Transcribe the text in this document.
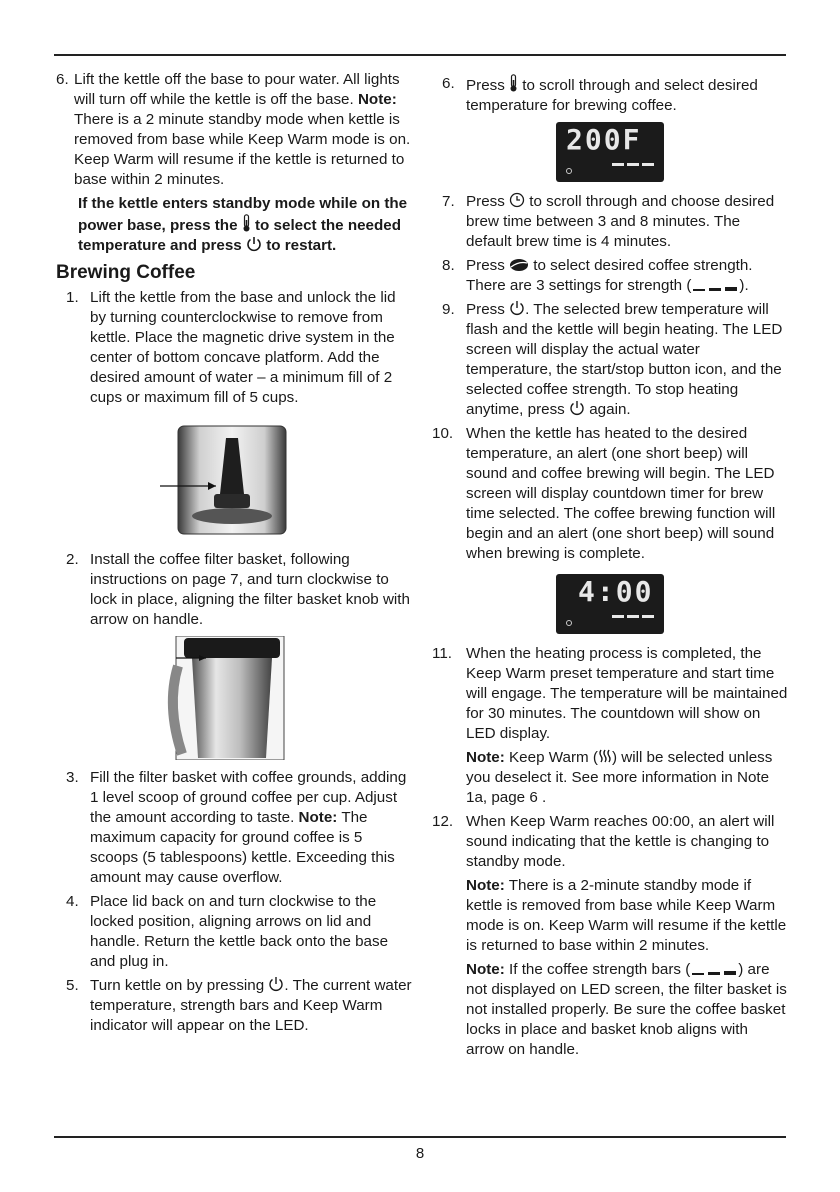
6. Lift the kettle off the base to pour water. All lights will turn off while the kettle is off the base. Note: There is a 2 minute standby mode when kettle is removed from base while Keep Warm mode is on. Keep Warm will resume if the kettle is returned to base within 2 minutes.

If the kettle enters standby mode while on the power base, press the to select the needed temperature and press to restart.

Brewing Coffee
1. Lift the kettle from the base and unlock the lid by turning counterclockwise to remove from kettle. Place the magnetic drive system in the center of bottom concave platform. Add the desired amount of water – a minimum fill of 2 cups or maximum fill of 5 cups.

2. Install the coffee filter basket, following instructions on page 7, and turn clockwise to lock in place, aligning the filter basket knob with arrow on handle.

3. Fill the filter basket with coffee grounds, adding 1 level scoop of ground coffee per cup. Adjust the amount according to taste. Note: The maximum capacity for ground coffee is 5 scoops (5 tablespoons) kettle. Exceeding this amount may cause overflow.

4. Place lid back on and turn clockwise to the locked position, aligning arrows on lid and handle. Return the kettle back onto the base and plug in.

5. Turn kettle on by pressing . The current water temperature, strength bars and Keep Warm indicator will appear on the LED.

6. Press to scroll through and select desired temperature for brewing coffee.

200F
7. Press to scroll through and choose desired brew time between 3 and 8 minutes. The default brew time is 4 minutes.

8. Press to select desired coffee strength. There are 3 settings for strength (	).

9. Press . The selected brew temperature will flash and the kettle will begin heating. The LED screen will display the actual water temperature, the start/stop button icon, and the selected coffee strength. To stop heating anytime, press again.

10. When the kettle has heated to the desired temperature, an alert (one short beep) will sound and coffee brewing will begin. The LED screen will display countdown timer for brew time selected. The coffee brewing function will begin and an alert (one short beep) will sound when brewing is complete.

4:00
11. When the heating process is completed, the Keep Warm preset temperature and start time will engage. The temperature will be maintained for 30 minutes. The countdown will show on LED display.

Note: Keep Warm ( ) will be selected unless you deselect it. See more information in Note 1a, page 6 .

12. When Keep Warm reaches 00:00, an alert will sound indicating that the kettle is changing to standby mode.

Note: There is a 2-minute standby mode if kettle is removed from base while Keep Warm mode is on. Keep Warm will resume if the kettle is returned to base within 2 minutes.

Note: If the coffee strength bars (	) are not displayed on LED screen, the filter basket is not installed properly. Be sure the coffee basket locks in place and basket knob aligns with arrow on handle.

8
